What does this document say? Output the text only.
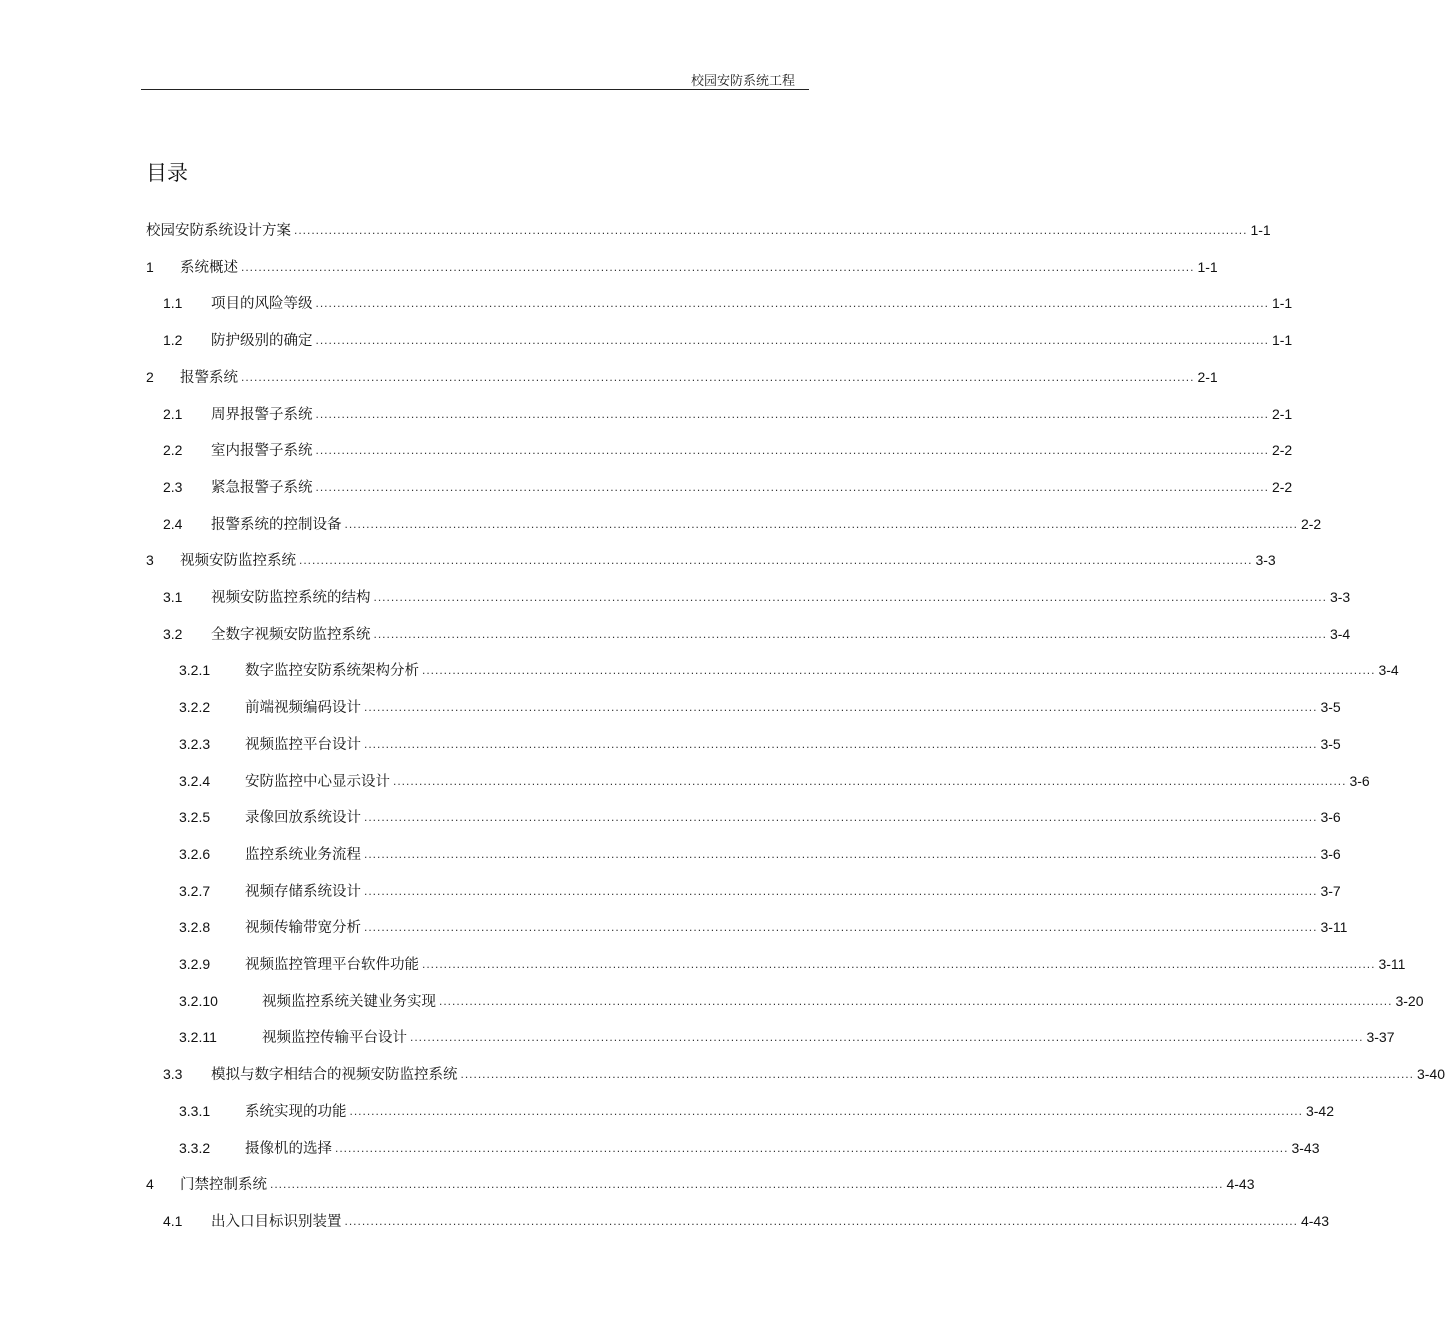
校园安防系统工程
目录
校园安防系统设计方案 ............................................................................................................................................................................................................................ 1-1
1	系统概述 ............................................................................................................................................................................................................................ 1-1
1.1	项目的风险等级 ............................................................................................................................................................................................................................ 1-1
1.2	防护级别的确定 ............................................................................................................................................................................................................................ 1-1
2	报警系统 ............................................................................................................................................................................................................................ 2-1
2.1	周界报警子系统 ............................................................................................................................................................................................................................ 2-1
2.2	室内报警子系统 ............................................................................................................................................................................................................................ 2-2
2.3	紧急报警子系统 ............................................................................................................................................................................................................................ 2-2
2.4	报警系统的控制设备 ............................................................................................................................................................................................................................ 2-2
3	视频安防监控系统 ............................................................................................................................................................................................................................ 3-3
3.1	视频安防监控系统的结构 ............................................................................................................................................................................................................................ 3-3
3.2	全数字视频安防监控系统 ............................................................................................................................................................................................................................ 3-4
3.2.1	数字监控安防系统架构分析 ............................................................................................................................................................................................................................ 3-4
3.2.2	前端视频编码设计 ............................................................................................................................................................................................................................ 3-5
3.2.3	视频监控平台设计 ............................................................................................................................................................................................................................ 3-5
3.2.4	安防监控中心显示设计 ............................................................................................................................................................................................................................ 3-6
3.2.5	录像回放系统设计 ............................................................................................................................................................................................................................ 3-6
3.2.6	监控系统业务流程 ............................................................................................................................................................................................................................ 3-6
3.2.7	视频存储系统设计 ............................................................................................................................................................................................................................ 3-7
3.2.8	视频传输带宽分析 ............................................................................................................................................................................................................................ 3-11
3.2.9	视频监控管理平台软件功能 ............................................................................................................................................................................................................................ 3-11
3.2.10	视频监控系统关键业务实现 ............................................................................................................................................................................................................................ 3-20
3.2.11	视频监控传输平台设计 ............................................................................................................................................................................................................................ 3-37
3.3	模拟与数字相结合的视频安防监控系统 ............................................................................................................................................................................................................................ 3-40
3.3.1	系统实现的功能 ............................................................................................................................................................................................................................ 3-42
3.3.2	摄像机的选择 ............................................................................................................................................................................................................................ 3-43
4	门禁控制系统 ............................................................................................................................................................................................................................ 4-43
4.1	出入口目标识别装置 ............................................................................................................................................................................................................................ 4-43
